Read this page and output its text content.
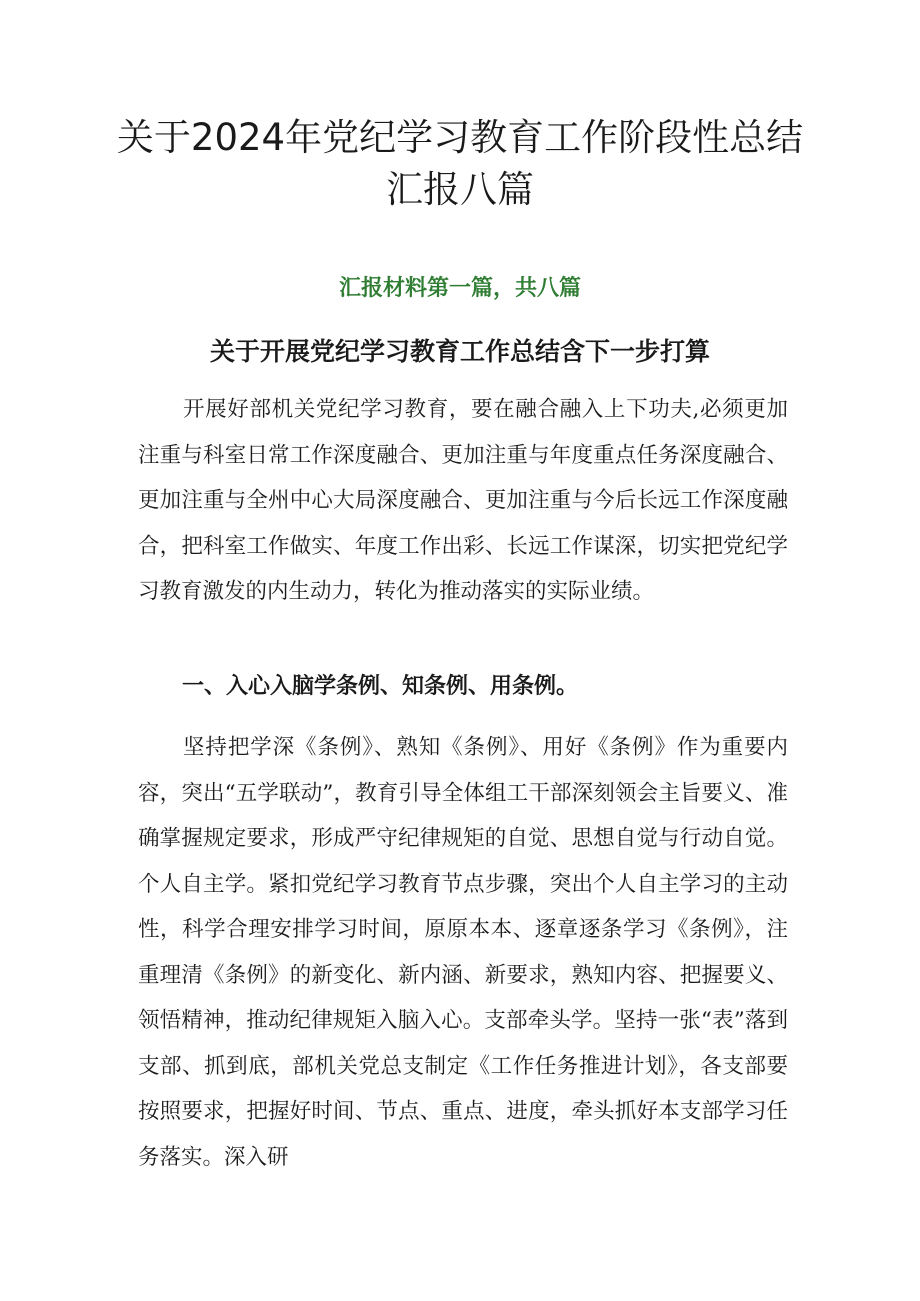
关于2024年党纪学习教育工作阶段性总结
汇报八篇
汇报材料第一篇，共八篇
关于开展党纪学习教育工作总结含下一步打算

开展好部机关党纪学习教育，要在融合融入上下功夫,必须更加注重与科室日常工作深度融合、更加注重与年度重点任务深度融合、更加注重与全州中心大局深度融合、更加注重与今后长远工作深度融合，把科室工作做实、年度工作出彩、长远工作谋深，切实把党纪学习教育激发的内生动力，转化为推动落实的实际业绩。

一、入心入脑学条例、知条例、用条例。

坚持把学深《条例》、熟知《条例》、用好《条例》作为重要内容，突出“五学联动”，教育引导全体组工干部深刻领会主旨要义、准确掌握规定要求，形成严守纪律规矩的自觉、思想自觉与行动自觉。个人自主学。紧扣党纪学习教育节点步骤，突出个人自主学习的主动性，科学合理安排学习时间，原原本本、逐章逐条学习《条例》，注重理清《条例》的新变化、新内涵、新要求，熟知内容、把握要义、领悟精神，推动纪律规矩入脑入心。支部牵头学。坚持一张“表”落到支部、抓到底，部机关党总支制定《工作任务推进计划》，各支部要按照要求，把握好时间、节点、重点、进度，牵头抓好本支部学习任务落实。深入研
